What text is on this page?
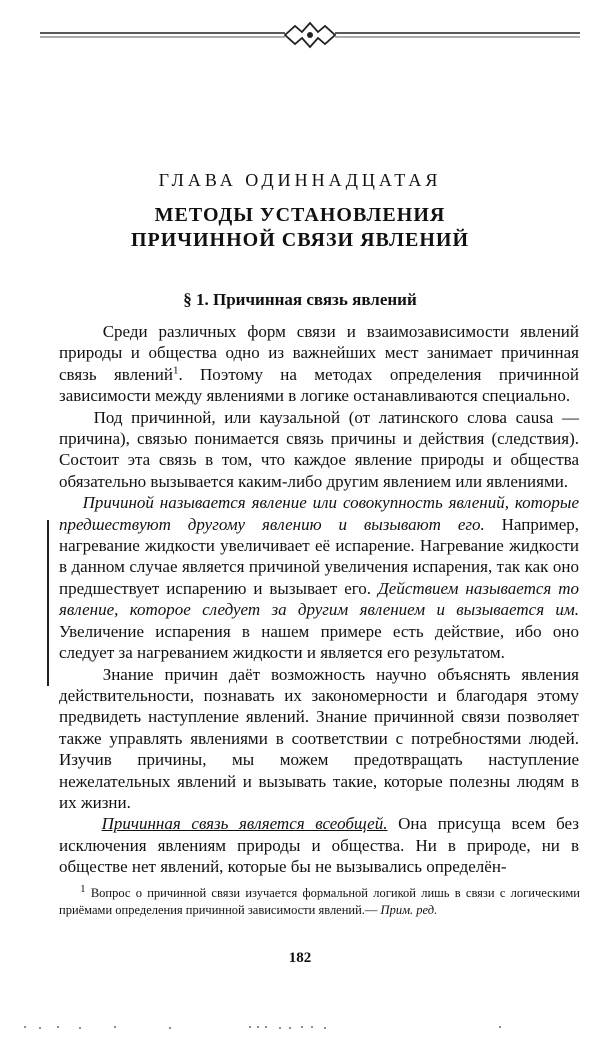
ГЛАВА ОДИННАДЦАТАЯ
МЕТОДЫ УСТАНОВЛЕНИЯ
ПРИЧИННОЙ СВЯЗИ ЯВЛЕНИЙ
§ 1. Причинная связь явлений

Среди различных форм связи и взаимозависимости явлений природы и общества одно из важнейших мест занимает причинная связь явлений$^1$. Поэтому на методах определения причинной зависимости между явлениями в логике останавливаются специально.

Под причинной, или каузальной (от латинского слова causa — причина), связью понимается связь причины и действия (следствия). Состоит эта связь в том, что каждое явление природы и общества обязательно вызывается каким-либо другим явлением или явлениями.

Причиной называется явление или совокупность явлений, которые предшествуют другому явлению и вызывают его. Например, нагревание жидкости увеличивает её испарение. Нагревание жидкости в данном случае является причиной увеличения испарения, так как оно предшествует испарению и вызывает его. Действием называется то явление, которое следует за другим явлением и вызывается им. Увеличение испарения в нашем примере есть действие, ибо оно следует за нагреванием жидкости и является его результатом.

Знание причин даёт возможность научно объяснять явления действительности, познавать их закономерности и благодаря этому предвидеть наступление явлений. Знание причинной связи позволяет также управлять явлениями в соответствии с потребностями людей. Изучив причины, мы можем предотвращать наступление нежелательных явлений и вызывать такие, которые полезны людям в их жизни.

Причинная связь является всеобщей. Она присуща всем без исключения явлениям природы и общества. Ни в природе, ни в обществе нет явлений, которые бы не вызывались определён-

$^1$ Вопрос о причинной связи изучается формальной логикой лишь в связи с логическими приёмами определения причинной зависимости явлений.— Прим. ред.
182
